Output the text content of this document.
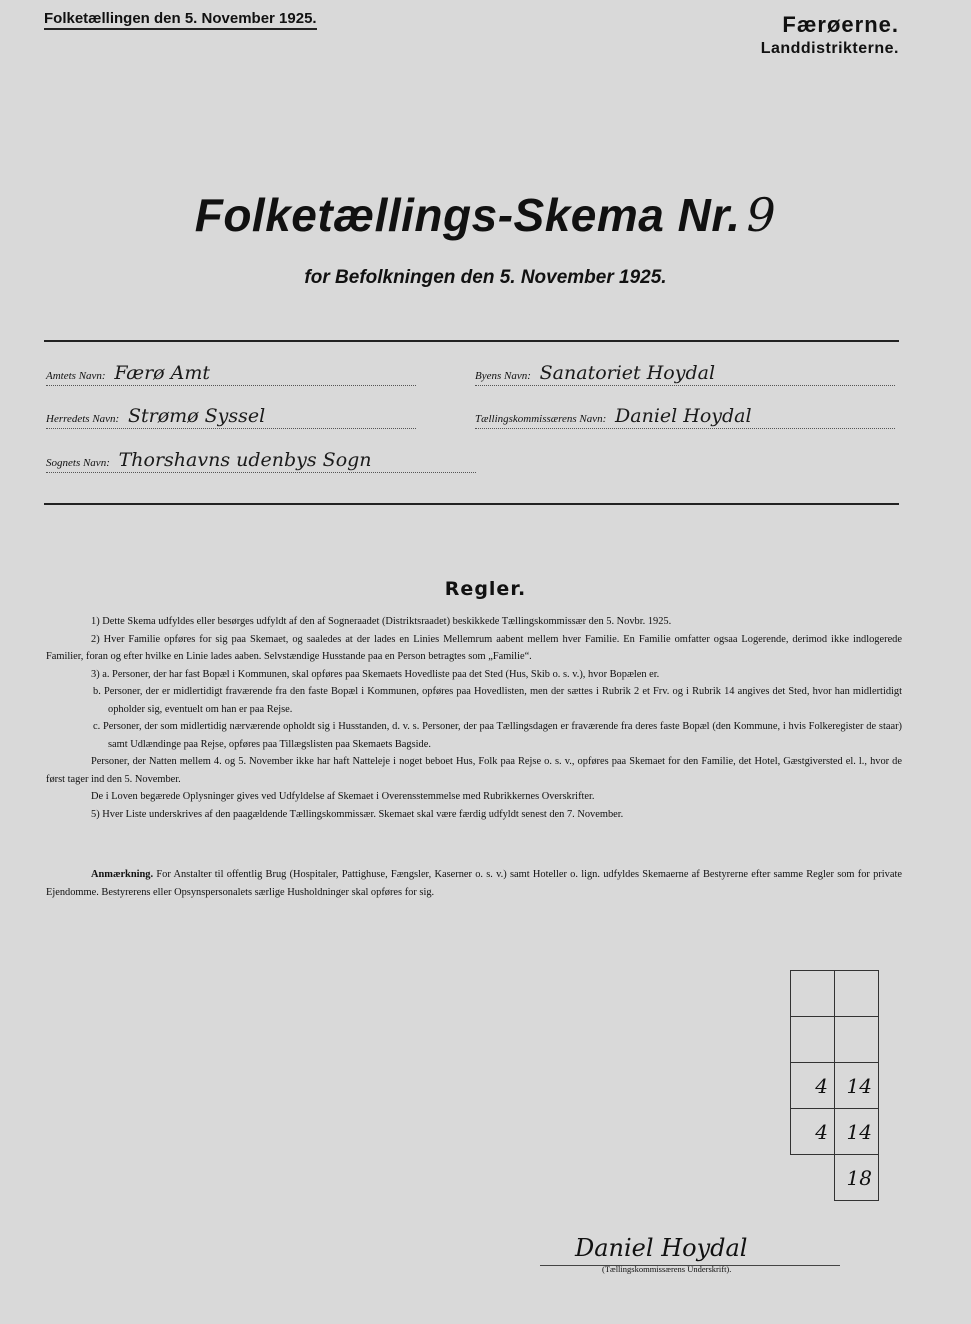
Folketællingen den 5. November 1925.	Færøerne.
Landdistrikterne.
Folketællings-Skema Nr. 9
for Befolkningen den 5. November 1925.
Amtets Navn: Færø Amt	Byens Navn: Sanatoriet Hoydal
Herredets Navn: Strømø Syssel	Tællingskommissærens Navn: Daniel Hoydal
Sognets Navn: Thorshavns udenbys Sogn
Regler.

1) Dette Skema udfyldes eller besørges udfyldt af den af Sogneraadet (Distriktsraadet) beskikkede Tællingskommissær den 5. Novbr. 1925.

2) Hver Familie opføres for sig paa Skemaet, og saaledes at der lades en Linies Mellemrum aabent mellem hver Familie. En Familie omfatter ogsaa Logerende, derimod ikke indlogerede Familier, foran og efter hvilke en Linie lades aaben. Selvstændige Husstande paa en Person betragtes som „Familie“.

3) a. Personer, der har fast Bopæl i Kommunen, skal opføres paa Skemaets Hovedliste paa det Sted (Hus, Skib o. s. v.), hvor Bopælen er.

b. Personer, der er midlertidigt fraværende fra den faste Bopæl i Kommunen, opføres paa Hovedlisten, men der sættes i Rubrik 2 et Frv. og i Rubrik 14 angives det Sted, hvor han midlertidigt opholder sig, eventuelt om han er paa Rejse.

c. Personer, der som midlertidig nærværende opholdt sig i Husstanden, d. v. s. Personer, der paa Tællingsdagen er fraværende fra deres faste Bopæl (den Kommune, i hvis Folkeregister de staar) samt Udlændinge paa Rejse, opføres paa Tillægslisten paa Skemaets Bagside.

Personer, der Natten mellem 4. og 5. November ikke har haft Natteleje i noget beboet Hus, Folk paa Rejse o. s. v., opføres paa Skemaet for den Familie, det Hotel, Gæstgiversted el. l., hvor de først tager ind den 5. November.

De i Loven begærede Oplysninger gives ved Udfyldelse af Skemaet i Overensstemmelse med Rubrikkernes Overskrifter.

5) Hver Liste underskrives af den paagældende Tællingskommissær. Skemaet skal være færdig udfyldt senest den 7. November.

Anmærkning. For Anstalter til offentlig Brug (Hospitaler, Pattighuse, Fængsler, Kaserner o. s. v.) samt Hoteller o. lign. udfyldes Skemaerne af Bestyrerne efter samme Regler som for private Ejendomme. Bestyrerens eller Opsynspersonalets særlige Husholdninger skal opføres for sig.

4	14
4	14
	18
Daniel Hoydal
(Tællingskommissærens Underskrift).
